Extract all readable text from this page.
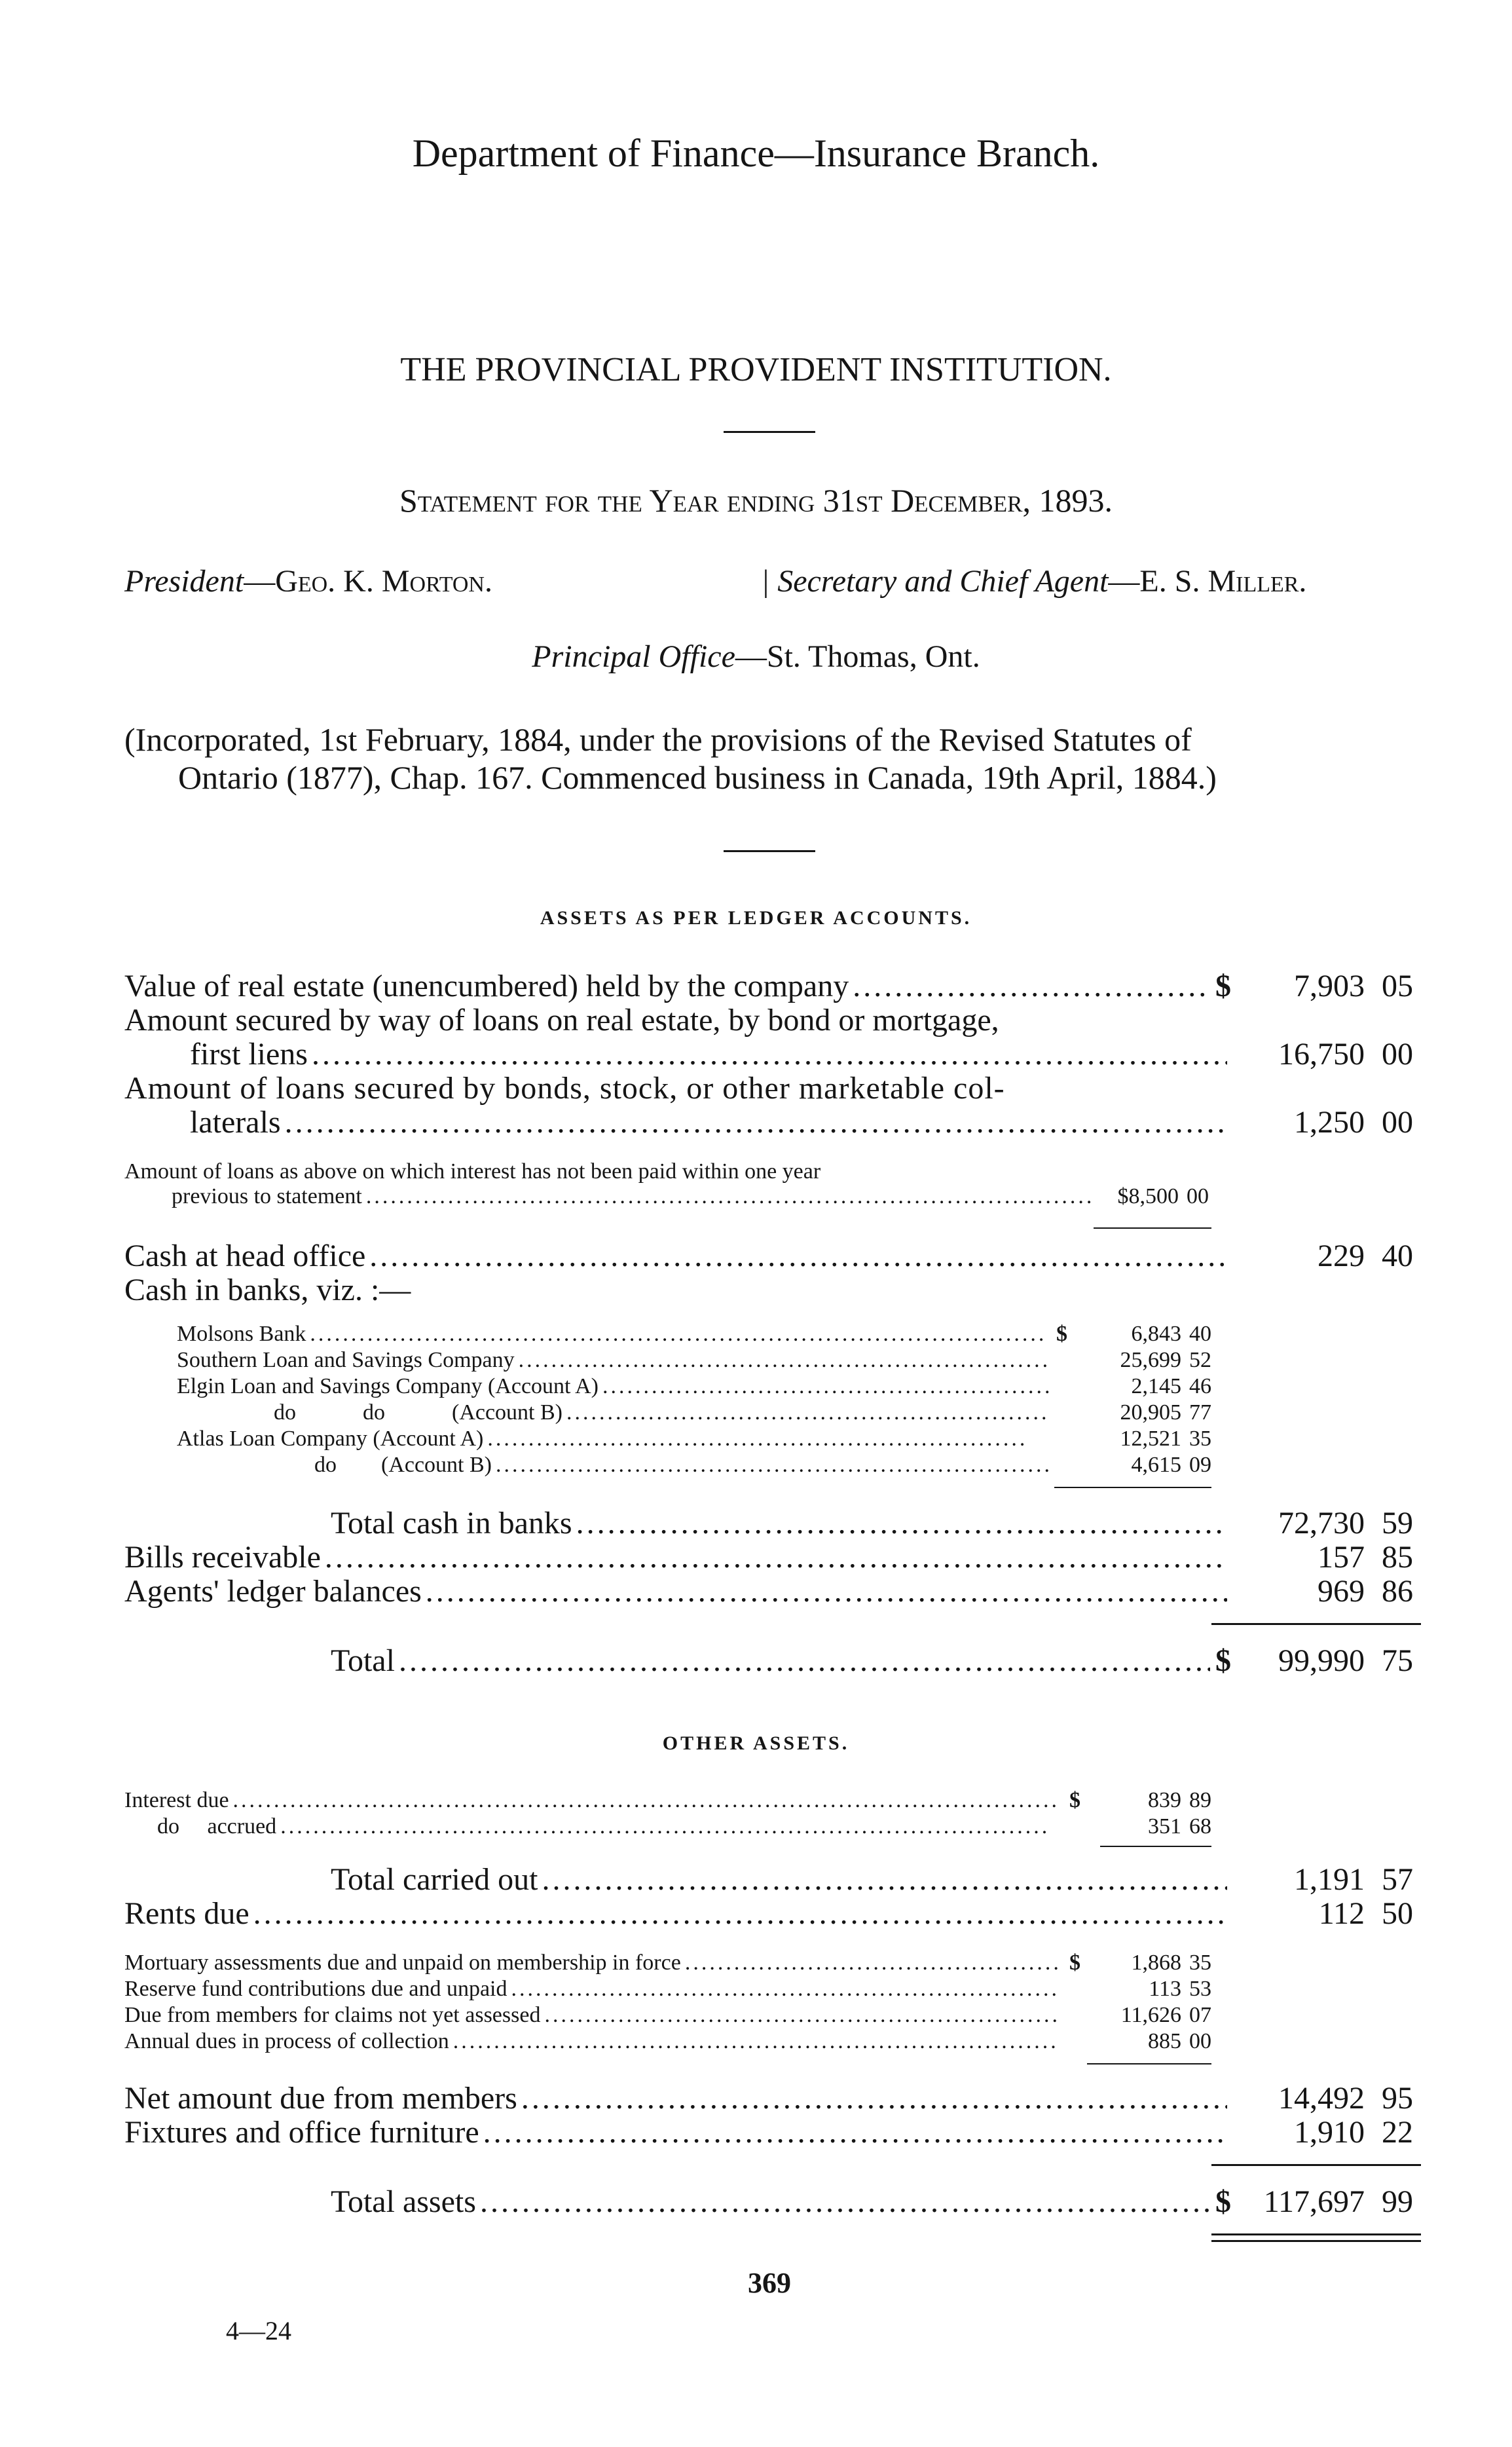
Department of Finance—Insurance Branch.
THE PROVINCIAL PROVIDENT INSTITUTION.
Statement for the Year ending 31st December, 1893.
President—Geo. K. Morton.	| Secretary and Chief Agent—E. S. Miller.
Principal Office—St. Thomas, Ont.
(Incorporated, 1st February, 1884, under the provisions of the Revised Statutes of
Ontario (1877), Chap. 167. Commenced business in Canada, 19th April, 1884.)
ASSETS AS PER LEDGER ACCOUNTS.
Value of real estate (unencumbered) held by the company .....	$ 7,903 05
Amount secured by way of loans on real estate, by bond or mortgage,
first liens .....	16,750 00
Amount of loans secured by bonds, stock, or other marketable col-
laterals .....	1,250 00
Amount of loans as above on which interest has not been paid within one year
previous to statement .....	$8,500 00
Cash at head office .....	229 40
Cash in banks, viz. :—
Molsons Bank .....	$	6,843 40
Southern Loan and Savings Company .....	25,699 52
Elgin Loan and Savings Company (Account A) .....	2,145 46
do            do            (Account B) .....	20,905 77
Atlas Loan Company (Account A) .....	12,521 35
do        (Account B) .....	4,615 09
Total cash in banks .....	72,730 59
Bills receivable .....	157 85
Agents' ledger balances .....	969 86
Total .....	$ 99,990 75
OTHER ASSETS.
Interest due .....	$	839 89
do     accrued .....	351 68
Total carried out .....	1,191 57
Rents due .....	112 50
Mortuary assessments due and unpaid on membership in force .....	$ 1,868 35
Reserve fund contributions due and unpaid .....	113 53
Due from members for claims not yet assessed .....	11,626 07
Annual dues in process of collection .....	885 00
Net amount due from members .....	14,492 95
Fixtures and office furniture .....	1,910 22
Total assets .....	$ 117,697 99
369
4—24
